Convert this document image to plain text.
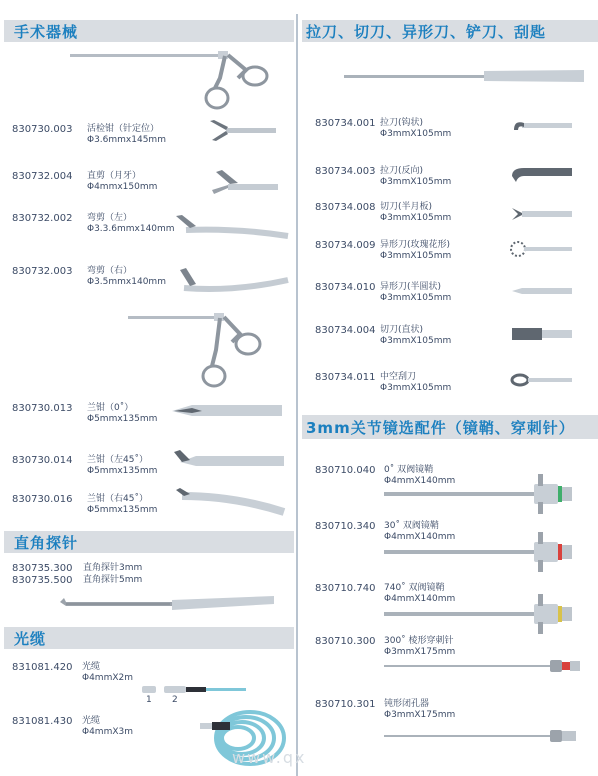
手术器械
830730.003 活检钳（针定位）
Φ3.6mmx145mm
830732.004 直剪（月牙）
Φ4mmx150mm
830732.002 弯剪（左）
Φ3.3.6mmx140mm
830732.003 弯剪（右）
Φ3.5mmx140mm
830730.013 兰钳（0˚）
Φ5mmx135mm
830730.014 兰钳（左45˚）
Φ5mmx135mm
830730.016 兰钳（右45˚）
Φ5mmx135mm
直角探针
830735.300 直角探针3mm
830735.500 直角探针5mm
光缆
831081.420 光缆
Φ4mmX2m
1 2
831081.430 光缆
Φ4mmX3m
www.qx
拉刀、切刀、异形刀、铲刀、刮匙
830734.001 拉刀(钩状)
Φ3mmX105mm
830734.003 拉刀(反向)
Φ3mmX105mm
830734.008 切刀(半月板)
Φ3mmX105mm
830734.009 异形刀(玫瑰花形)
Φ3mmX105mm
830734.010 异形刀(半圆状)
Φ3mmX105mm
830734.004 切刀(直状)
Φ3mmX105mm
830734.011 中空刮刀
Φ3mmX105mm
3mm关节镜选配件（镜鞘、穿刺针）
830710.040 0˚ 双阀镜鞘
Φ4mmX140mm
830710.340 30˚ 双阀镜鞘
Φ4mmX140mm
830710.740 740˚ 双阀镜鞘
Φ4mmX140mm
830710.300 300˚ 棱形穿刺针
Φ3mmX175mm
830710.301 钝形闭孔器
Φ3mmX175mm
